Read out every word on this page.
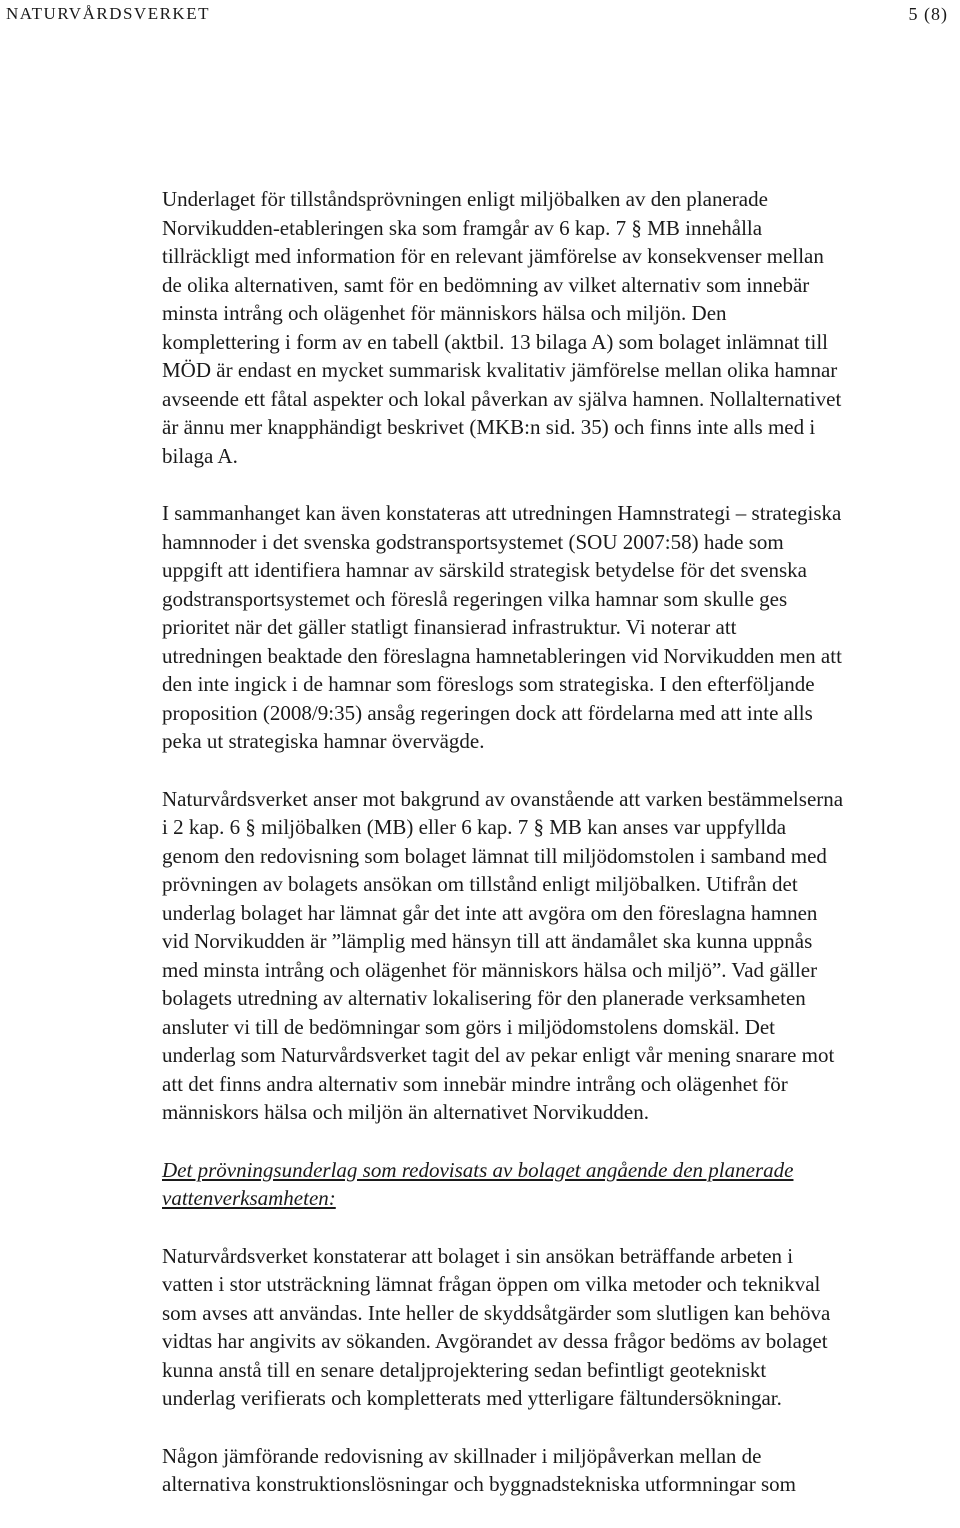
NATURVÅRDSVERKET	5 (8)
Underlaget för tillståndsprövningen enligt miljöbalken av den planerade
Norvikudden-etableringen ska som framgår av 6 kap. 7 § MB innehålla
tillräckligt med information för en relevant jämförelse av konsekvenser mellan
de olika alternativen, samt för en bedömning av vilket alternativ som innebär
minsta intrång och olägenhet för människors hälsa och miljön. Den
komplettering i form av en tabell (aktbil. 13 bilaga A) som bolaget inlämnat till
MÖD är endast en mycket summarisk kvalitativ jämförelse mellan olika hamnar
avseende ett fåtal aspekter och lokal påverkan av själva hamnen. Nollalternativet
är ännu mer knapphändigt beskrivet (MKB:n sid. 35) och finns inte alls med i
bilaga A.
I sammanhanget kan även konstateras att utredningen Hamnstrategi – strategiska
hamnnoder i det svenska godstransportsystemet (SOU 2007:58) hade som
uppgift att identifiera hamnar av särskild strategisk betydelse för det svenska
godstransportsystemet och föreslå regeringen vilka hamnar som skulle ges
prioritet när det gäller statligt finansierad infrastruktur. Vi noterar att
utredningen beaktade den föreslagna hamnetableringen vid Norvikudden men att
den inte ingick i de hamnar som föreslogs som strategiska. I den efterföljande
proposition (2008/9:35) ansåg regeringen dock att fördelarna med att inte alls
peka ut strategiska hamnar övervägde.
Naturvårdsverket anser mot bakgrund av ovanstående att varken bestämmelserna
i 2 kap. 6 § miljöbalken (MB) eller 6 kap. 7 § MB kan anses var uppfyllda
genom den redovisning som bolaget lämnat till miljödomstolen i samband med
prövningen av bolagets ansökan om tillstånd enligt miljöbalken. Utifrån det
underlag bolaget har lämnat går det inte att avgöra om den föreslagna hamnen
vid Norvikudden är ”lämplig med hänsyn till att ändamålet ska kunna uppnås
med minsta intrång och olägenhet för människors hälsa och miljö”. Vad gäller
bolagets utredning av alternativ lokalisering för den planerade verksamheten
ansluter vi till de bedömningar som görs i miljödomstolens domskäl. Det
underlag som Naturvårdsverket tagit del av pekar enligt vår mening snarare mot
att det finns andra alternativ som innebär mindre intrång och olägenhet för
människors hälsa och miljön än alternativet Norvikudden.
Det prövningsunderlag som redovisats av bolaget angående den planerade
vattenverksamheten:
Naturvårdsverket konstaterar att bolaget i sin ansökan beträffande arbeten i
vatten i stor utsträckning lämnat frågan öppen om vilka metoder och teknikval
som avses att användas. Inte heller de skyddsåtgärder som slutligen kan behöva
vidtas har angivits av sökanden. Avgörandet av dessa frågor bedöms av bolaget
kunna anstå till en senare detaljprojektering sedan befintligt geotekniskt
underlag verifierats och kompletterats med ytterligare fältundersökningar.
Någon jämförande redovisning av skillnader i miljöpåverkan mellan de
alternativa konstruktionslösningar och byggnadstekniska utformningar som
